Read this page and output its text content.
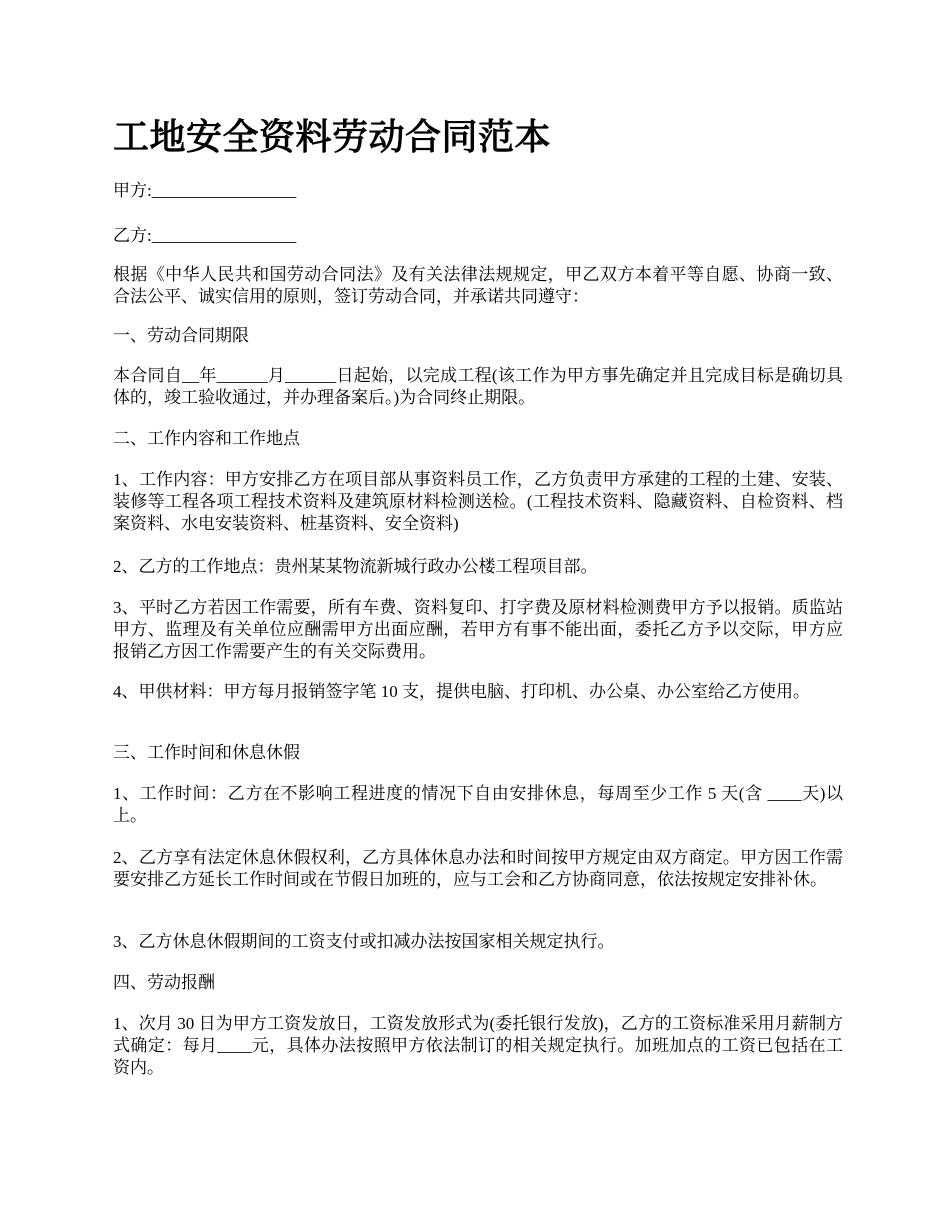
工地安全资料劳动合同范本

甲方:_________________

乙方:_________________

根据《中华人民共和国劳动合同法》及有关法律法规规定，甲乙双方本着平等自愿、协商一致、合法公平、诚实信用的原则，签订劳动合同，并承诺共同遵守：

一、劳动合同期限

本合同自__年______月______日起始，以完成工程(该工作为甲方事先确定并且完成目标是确切具体的，竣工验收通过，并办理备案后。)为合同终止期限。

二、工作内容和工作地点

1、工作内容：甲方安排乙方在项目部从事资料员工作，乙方负责甲方承建的工程的土建、安装、装修等工程各项工程技术资料及建筑原材料检测送检。(工程技术资料、隐藏资料、自检资料、档案资料、水电安装资料、桩基资料、安全资料)

2、乙方的工作地点：贵州某某物流新城行政办公楼工程项目部。

3、平时乙方若因工作需要，所有车费、资料复印、打字费及原材料检测费甲方予以报销。质监站甲方、监理及有关单位应酬需甲方出面应酬，若甲方有事不能出面，委托乙方予以交际，甲方应报销乙方因工作需要产生的有关交际费用。

4、甲供材料：甲方每月报销签字笔 10 支，提供电脑、打印机、办公桌、办公室给乙方使用。

三、工作时间和休息休假

1、工作时间：乙方在不影响工程进度的情况下自由安排休息，每周至少工作 5 天(含 ____天)以上。

2、乙方享有法定休息休假权利，乙方具体休息办法和时间按甲方规定由双方商定。甲方因工作需要安排乙方延长工作时间或在节假日加班的，应与工会和乙方协商同意，依法按规定安排补休。

3、乙方休息休假期间的工资支付或扣减办法按国家相关规定执行。

四、劳动报酬

1、次月 30 日为甲方工资发放日，工资发放形式为(委托银行发放)，乙方的工资标准采用月薪制方式确定：每月____元，具体办法按照甲方依法制订的相关规定执行。加班加点的工资已包括在工资内。
